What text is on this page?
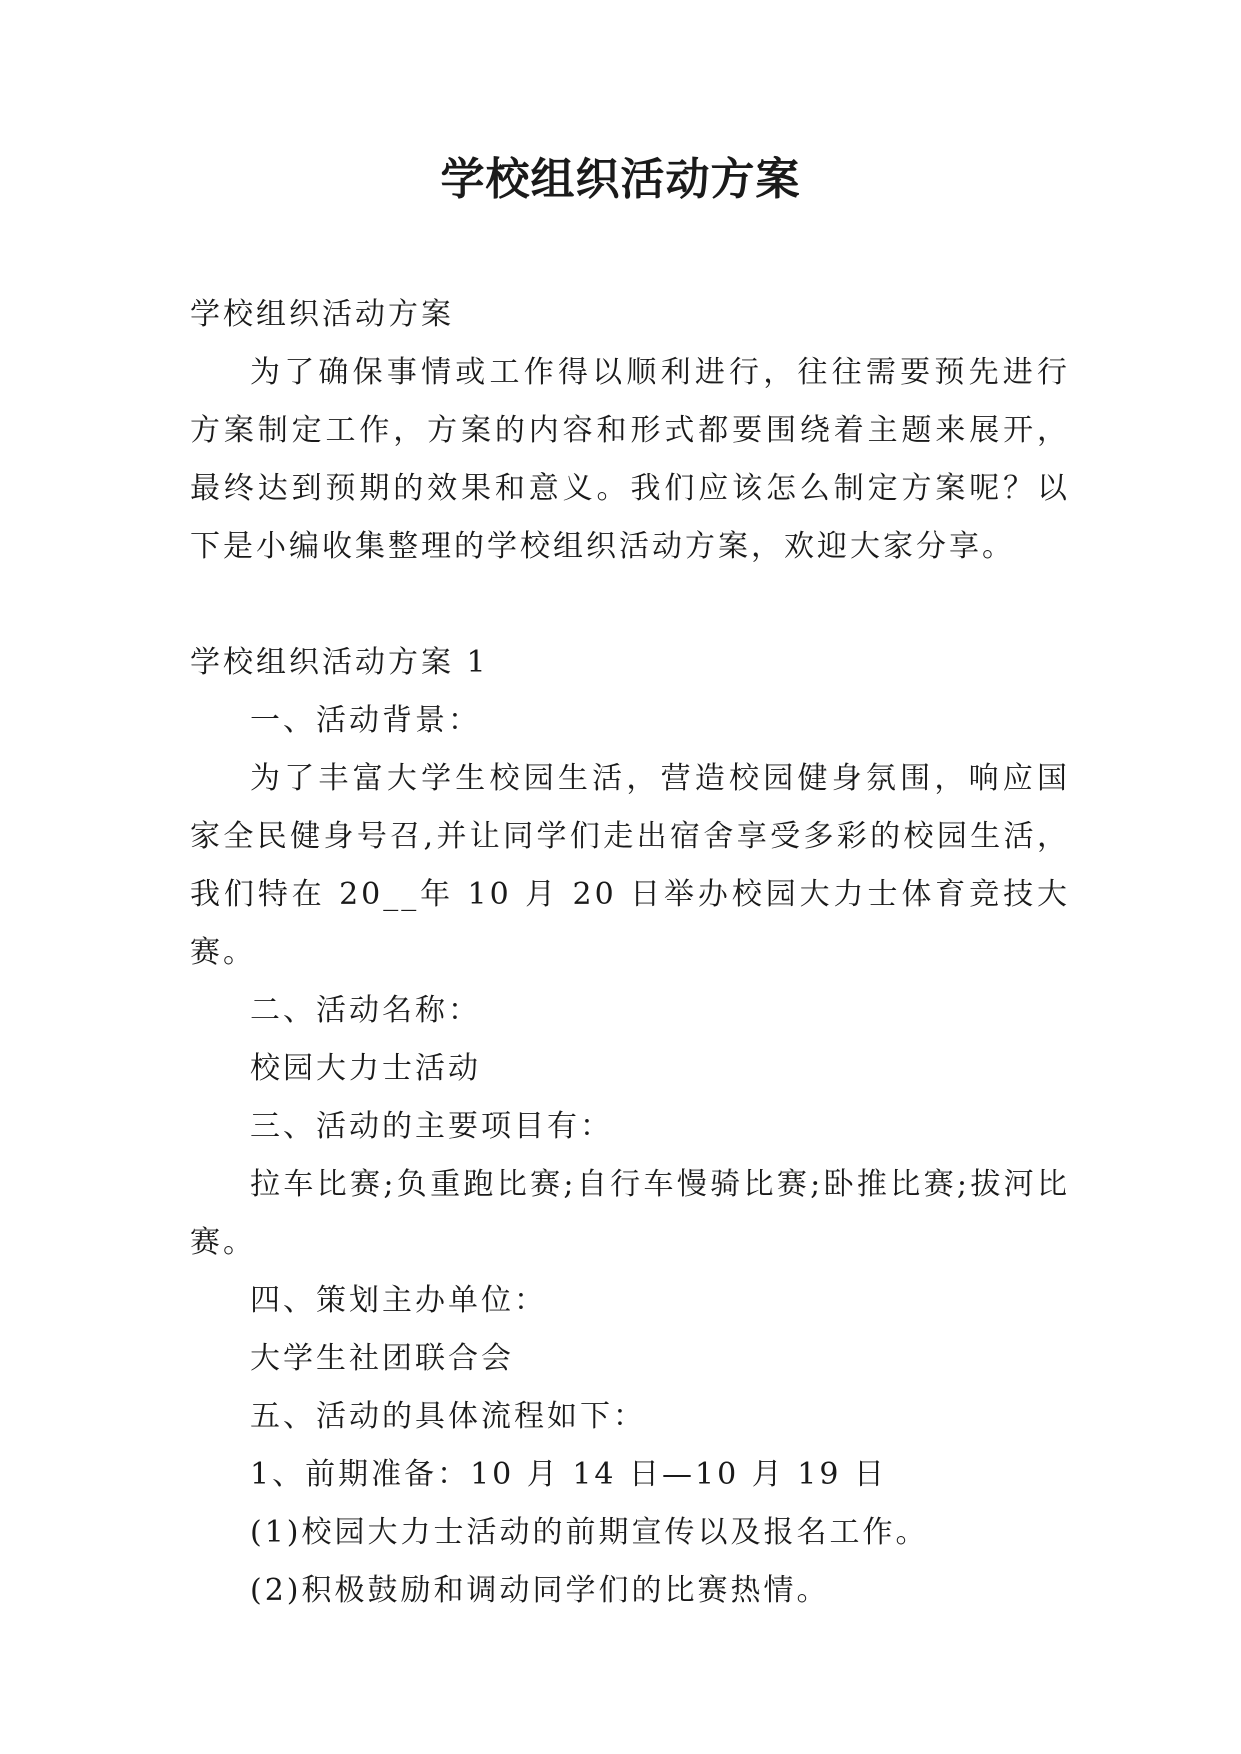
学校组织活动方案

学校组织活动方案

为了确保事情或工作得以顺利进行，往往需要预先进行方案制定工作，方案的内容和形式都要围绕着主题来展开，最终达到预期的效果和意义。我们应该怎么制定方案呢？以下是小编收集整理的学校组织活动方案，欢迎大家分享。

学校组织活动方案 1

一、活动背景：

为了丰富大学生校园生活，营造校园健身氛围，响应国家全民健身号召,并让同学们走出宿舍享受多彩的校园生活，我们特在 20__年 10 月 20 日举办校园大力士体育竞技大赛。

二、活动名称：

校园大力士活动

三、活动的主要项目有：

拉车比赛;负重跑比赛;自行车慢骑比赛;卧推比赛;拔河比赛。

四、策划主办单位：

大学生社团联合会

五、活动的具体流程如下：

1、前期准备：10 月 14 日—10 月 19 日

(1)校园大力士活动的前期宣传以及报名工作。

(2)积极鼓励和调动同学们的比赛热情。
